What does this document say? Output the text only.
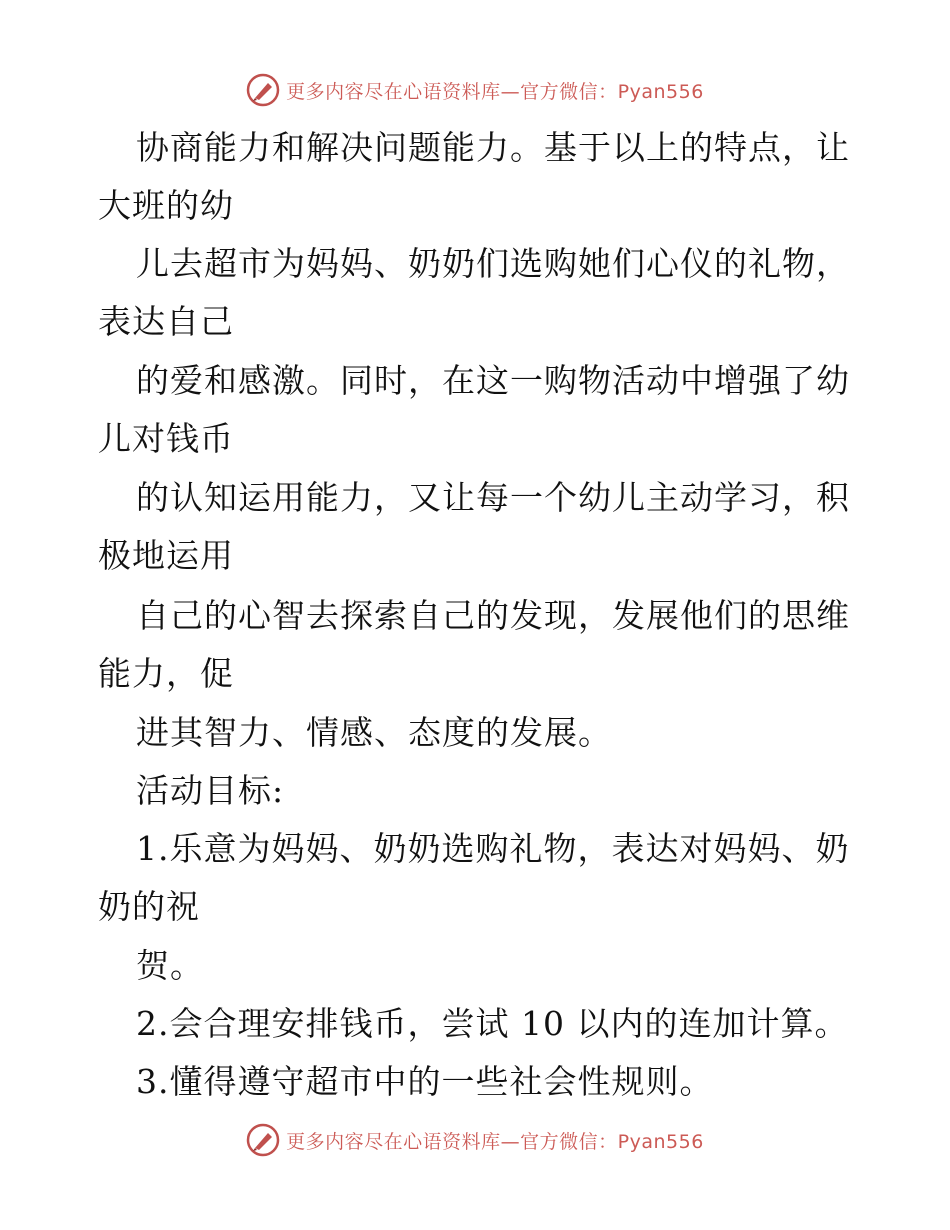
更多内容尽在心语资料库—官方微信：Pyan556
协商能力和解决问题能力。基于以上的特点，让
大班的幼
儿去超市为妈妈、奶奶们选购她们心仪的礼物，
表达自己
的爱和感激。同时，在这一购物活动中增强了幼
儿对钱币
的认知运用能力，又让每一个幼儿主动学习，积
极地运用
自己的心智去探索自己的发现，发展他们的思维
能力，促
进其智力、情感、态度的发展。
活动目标:
1.乐意为妈妈、奶奶选购礼物，表达对妈妈、奶
奶的祝
贺。
2.会合理安排钱币，尝试 10 以内的连加计算。
3.懂得遵守超市中的一些社会性规则。
更多内容尽在心语资料库—官方微信：Pyan556
